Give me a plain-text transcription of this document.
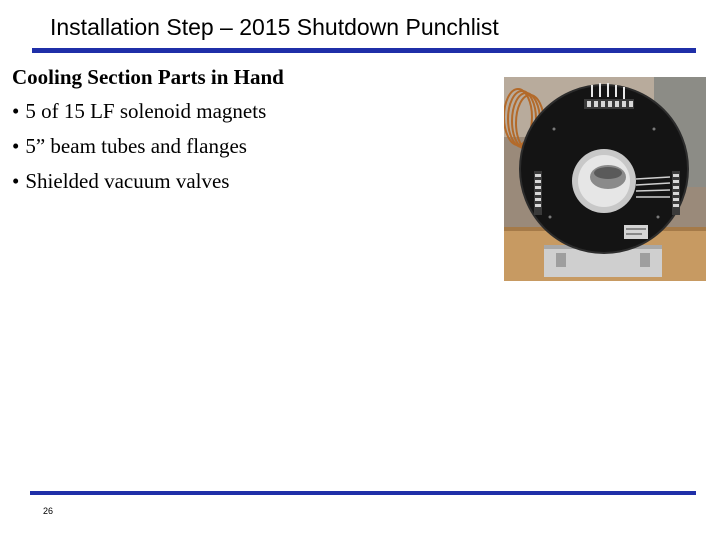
Installation Step – 2015 Shutdown Punchlist
Cooling Section Parts in Hand
• 5 of 15 LF solenoid magnets
• 5” beam tubes and flanges
• Shielded vacuum valves
26
